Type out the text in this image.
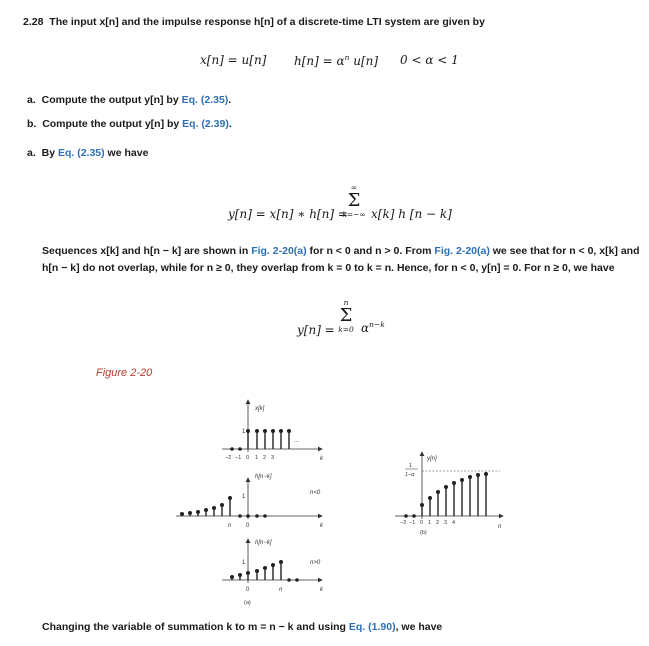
2.28 The input x[n] and the impulse response h[n] of a discrete-time LTI system are given by
x[n] = u[n] $h[n] = \alpha^n$ u[n] 0 < α < 1
a. Compute the output y[n] by Eq. (2.35).
b. Compute the output y[n] by Eq. (2.39).
a. By Eq. (2.35) we have
y[n] = x[n] ∗ h[n] =
∞
Σ
k=−∞ x[k] h [n − k]
Sequences x[k] and h[n − k] are shown in Fig. 2-20(a) for n < 0 and n > 0. From Fig. 2-20(a) we see that for n < 0, x[k] and
h[n − k] do not overlap, while for n ≥ 0, they overlap from k = 0 to k = n. Hence, for n < 0, y[n] = 0. For n ≥ 0, we have
y[n] =
n
Σ
k=0 $\alpha^{n-k}$
Figure 2-20
x[k]
1
...
−2 −1 0 1 2 3	k
h[n−k]
n<0
1
n 0	k
h[n−k]
n>0
1
0	n	k
(a)
y[n]
1
1−α
−2 −1 0 1 2 3 4
n
(b)
Changing the variable of summation k to m = n − k and using Eq. (1.90), we have
